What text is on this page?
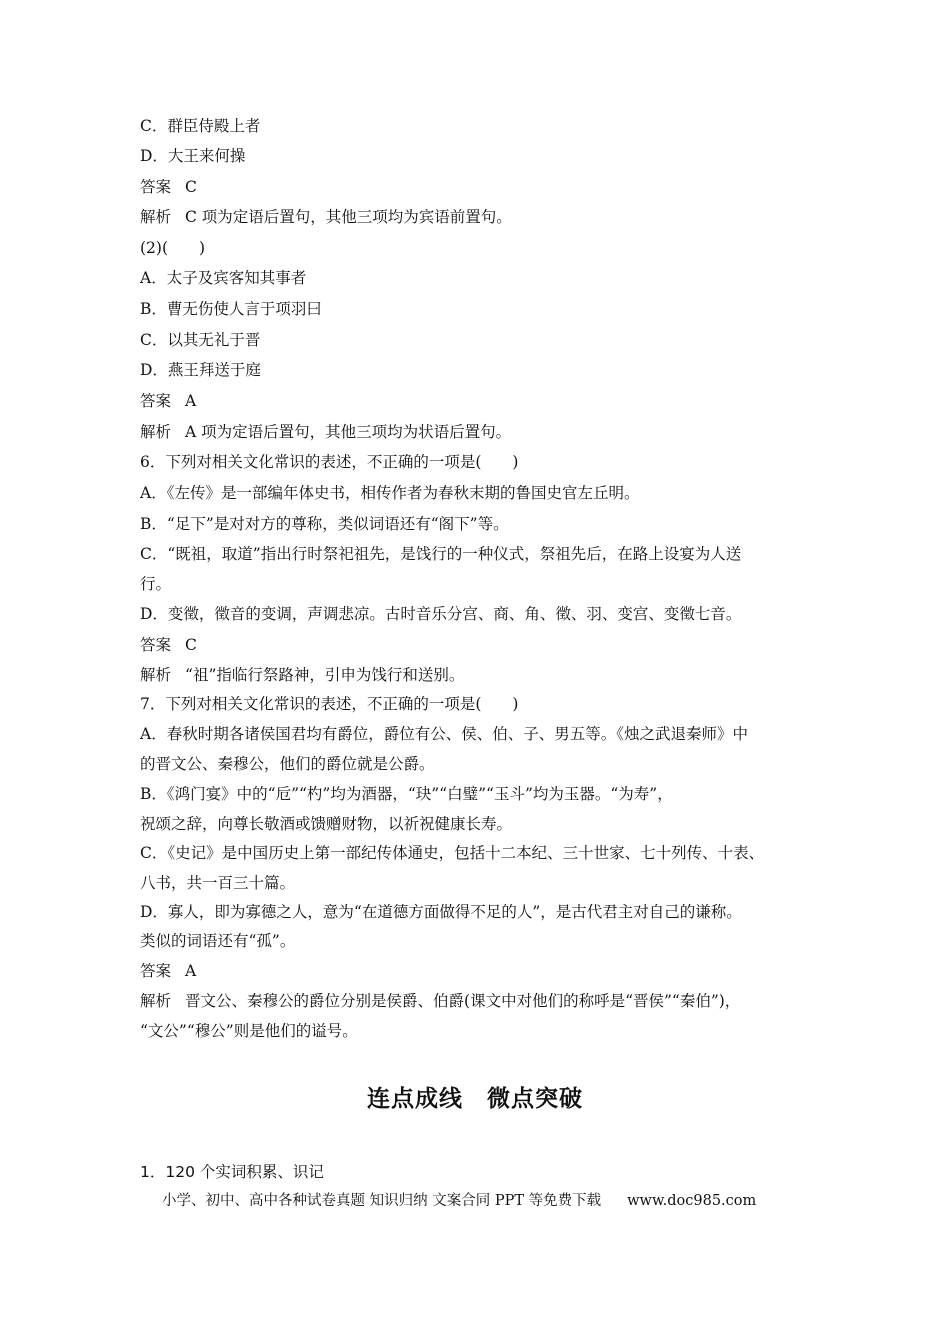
C．群臣侍殿上者
D．大王来何操
答案 C
解析 C 项为定语后置句，其他三项均为宾语前置句。
(2)(　　)
A．太子及宾客知其事者
B．曹无伤使人言于项羽曰
C．以其无礼于晋
D．燕王拜送于庭
答案 A
解析 A 项为定语后置句，其他三项均为状语后置句。
6．下列对相关文化常识的表述，不正确的一项是(　　)
A．《左传》是一部编年体史书，相传作者为春秋末期的鲁国史官左丘明。
B．“足下”是对对方的尊称，类似词语还有“阁下”等。
C．“既祖，取道”指出行时祭祀祖先，是饯行的一种仪式，祭祖先后，在路上设宴为人送
行。
D．变徵，徵音的变调，声调悲凉。古时音乐分宫、商、角、徵、羽、变宫、变徵七音。
答案 C
解析 “祖”指临行祭路神，引申为饯行和送别。
7．下列对相关文化常识的表述，不正确的一项是(　　)
A．春秋时期各诸侯国君均有爵位，爵位有公、侯、伯、子、男五等。《烛之武退秦师》中
的晋文公、秦穆公，他们的爵位就是公爵。
B．《鸿门宴》中的“卮”“杓”均为酒器，“玦”“白璧”“玉斗”均为玉器。“为寿”，
祝颂之辞，向尊长敬酒或馈赠财物，以祈祝健康长寿。
C．《史记》是中国历史上第一部纪传体通史，包括十二本纪、三十世家、七十列传、十表、
八书，共一百三十篇。
D．寡人，即为寡德之人，意为“在道德方面做得不足的人”，是古代君主对自己的谦称。
类似的词语还有“孤”。
答案 A
解析 晋文公、秦穆公的爵位分别是侯爵、伯爵(课文中对他们的称呼是“晋侯”“秦伯”)，
“文公”“穆公”则是他们的谥号。
连点成线　微点突破
1．120 个实词积累、识记
小学、初中、高中各种试卷真题 知识归纳 文案合同 PPT 等免费下载 www.doc985.com
